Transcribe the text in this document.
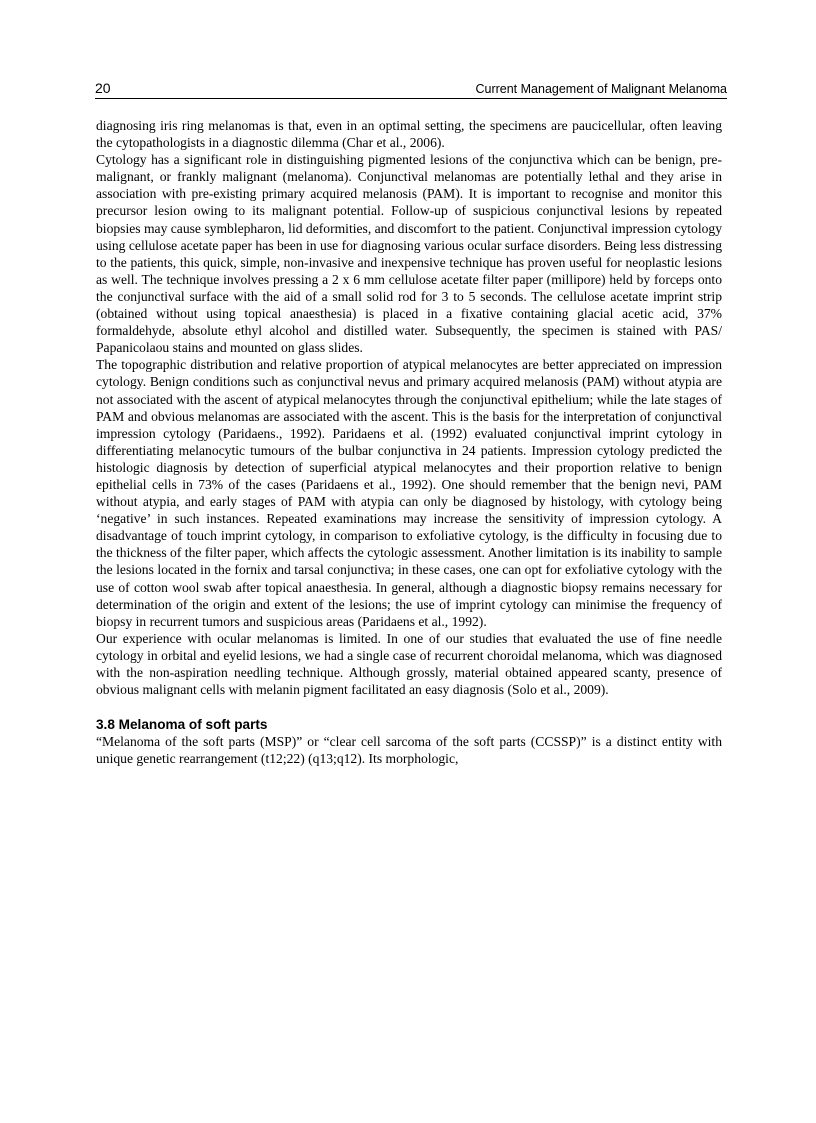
20	Current Management of Malignant Melanoma

diagnosing iris ring melanomas is that, even in an optimal setting, the specimens are paucicellular, often leaving the cytopathologists in a diagnostic dilemma (Char et al., 2006).

Cytology has a significant role in distinguishing pigmented lesions of the conjunctiva which can be benign, pre-malignant, or frankly malignant (melanoma). Conjunctival melanomas are potentially lethal and they arise in association with pre-existing primary acquired melanosis (PAM). It is important to recognise and monitor this precursor lesion owing to its malignant potential. Follow-up of suspicious conjunctival lesions by repeated biopsies may cause symblepharon, lid deformities, and discomfort to the patient. Conjunctival impression cytology using cellulose acetate paper has been in use for diagnosing various ocular surface disorders. Being less distressing to the patients, this quick, simple, non-invasive and inexpensive technique has proven useful for neoplastic lesions as well. The technique involves pressing a 2 x 6 mm cellulose acetate filter paper (millipore) held by forceps onto the conjunctival surface with the aid of a small solid rod for 3 to 5 seconds. The cellulose acetate imprint strip (obtained without using topical anaesthesia) is placed in a fixative containing glacial acetic acid, 37% formaldehyde, absolute ethyl alcohol and distilled water. Subsequently, the specimen is stained with PAS/ Papanicolaou stains and mounted on glass slides.

The topographic distribution and relative proportion of atypical melanocytes are better appreciated on impression cytology. Benign conditions such as conjunctival nevus and primary acquired melanosis (PAM) without atypia are not associated with the ascent of atypical melanocytes through the conjunctival epithelium; while the late stages of PAM and obvious melanomas are associated with the ascent. This is the basis for the interpretation of conjunctival impression cytology (Paridaens., 1992). Paridaens et al. (1992) evaluated conjunctival imprint cytology in differentiating melanocytic tumours of the bulbar conjunctiva in 24 patients. Impression cytology predicted the histologic diagnosis by detection of superficial atypical melanocytes and their proportion relative to benign epithelial cells in 73% of the cases (Paridaens et al., 1992). One should remember that the benign nevi, PAM without atypia, and early stages of PAM with atypia can only be diagnosed by histology, with cytology being ‘negative’ in such instances. Repeated examinations may increase the sensitivity of impression cytology. A disadvantage of touch imprint cytology, in comparison to exfoliative cytology, is the difficulty in focusing due to the thickness of the filter paper, which affects the cytologic assessment. Another limitation is its inability to sample the lesions located in the fornix and tarsal conjunctiva; in these cases, one can opt for exfoliative cytology with the use of cotton wool swab after topical anaesthesia. In general, although a diagnostic biopsy remains necessary for determination of the origin and extent of the lesions; the use of imprint cytology can minimise the frequency of biopsy in recurrent tumors and suspicious areas (Paridaens et al., 1992).

Our experience with ocular melanomas is limited. In one of our studies that evaluated the use of fine needle cytology in orbital and eyelid lesions, we had a single case of recurrent choroidal melanoma, which was diagnosed with the non-aspiration needling technique. Although grossly, material obtained appeared scanty, presence of obvious malignant cells with melanin pigment facilitated an easy diagnosis (Solo et al., 2009).

3.8 Melanoma of soft parts

“Melanoma of the soft parts (MSP)” or “clear cell sarcoma of the soft parts (CCSSP)” is a distinct entity with unique genetic rearrangement (t12;22) (q13;q12). Its morphologic,
